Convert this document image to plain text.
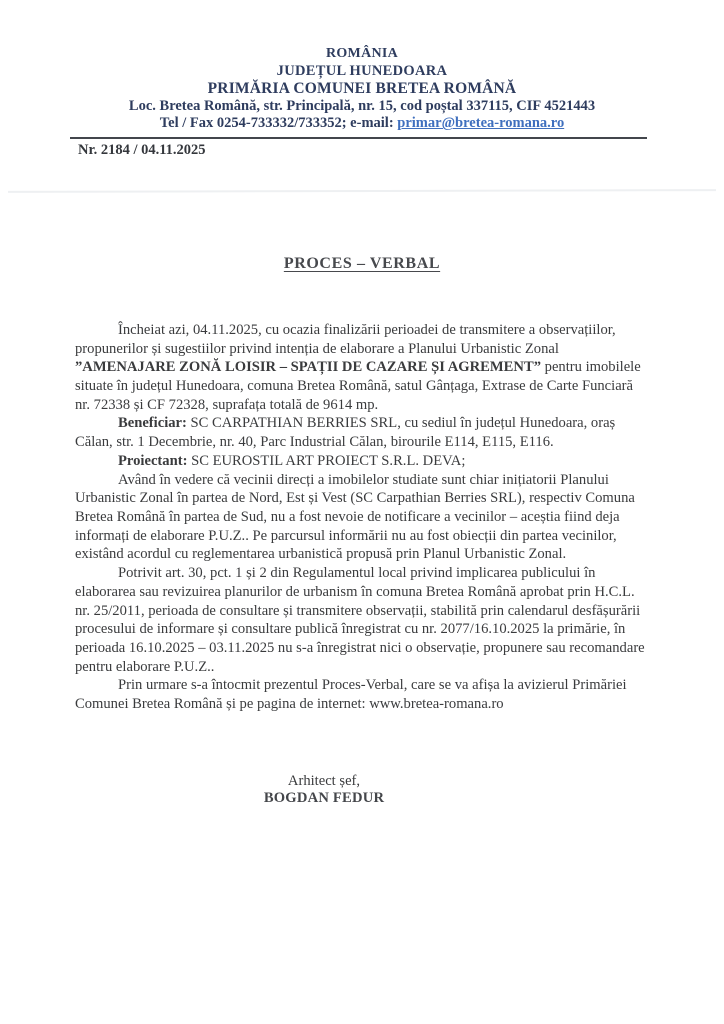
ROMÂNIA
JUDEȚUL HUNEDOARA
PRIMĂRIA COMUNEI BRETEA ROMÂNĂ
Loc. Bretea Română, str. Principală, nr. 15, cod poștal 337115, CIF 4521443
Tel / Fax 0254-733332/733352; e-mail: primar@bretea-romana.ro
Nr. 2184 / 04.11.2025
PROCES – VERBAL

Încheiat azi, 04.11.2025, cu ocazia finalizării perioadei de transmitere a observațiilor, propunerilor și sugestiilor privind intenția de elaborare a Planului Urbanistic Zonal ”AMENAJARE ZONĂ LOISIR – SPAȚII DE CAZARE ȘI AGREMENT” pentru imobilele situate în județul Hunedoara, comuna Bretea Română, satul Gânțaga, Extrase de Carte Funciară nr. 72338 și CF 72328, suprafața totală de 9614 mp.

Beneficiar: SC CARPATHIAN BERRIES SRL, cu sediul în județul Hunedoara, oraș Călan, str. 1 Decembrie, nr. 40, Parc Industrial Călan, birourile E114, E115, E116.

Proiectant: SC EUROSTIL ART PROIECT S.R.L. DEVA;

Având în vedere că vecinii direcți a imobilelor studiate sunt chiar inițiatorii Planului Urbanistic Zonal în partea de Nord, Est și Vest (SC Carpathian Berries SRL), respectiv Comuna Bretea Română în partea de Sud, nu a fost nevoie de notificare a vecinilor – aceștia fiind deja informați de elaborare P.U.Z.. Pe parcursul informării nu au fost obiecții din partea vecinilor, existând acordul cu reglementarea urbanistică propusă prin Planul Urbanistic Zonal.

Potrivit art. 30, pct. 1 și 2 din Regulamentul local privind implicarea publicului în elaborarea sau revizuirea planurilor de urbanism în comuna Bretea Română aprobat prin H.C.L. nr. 25/2011, perioada de consultare și transmitere observații, stabilită prin calendarul desfășurării procesului de informare și consultare publică înregistrat cu nr. 2077/16.10.2025 la primărie, în perioada 16.10.2025 – 03.11.2025 nu s-a înregistrat nici o observație, propunere sau recomandare pentru elaborare P.U.Z..

Prin urmare s-a întocmit prezentul Proces-Verbal, care se va afișa la avizierul Primăriei Comunei Bretea Română și pe pagina de internet: www.bretea-romana.ro

Arhitect șef,
BOGDAN FEDUR
